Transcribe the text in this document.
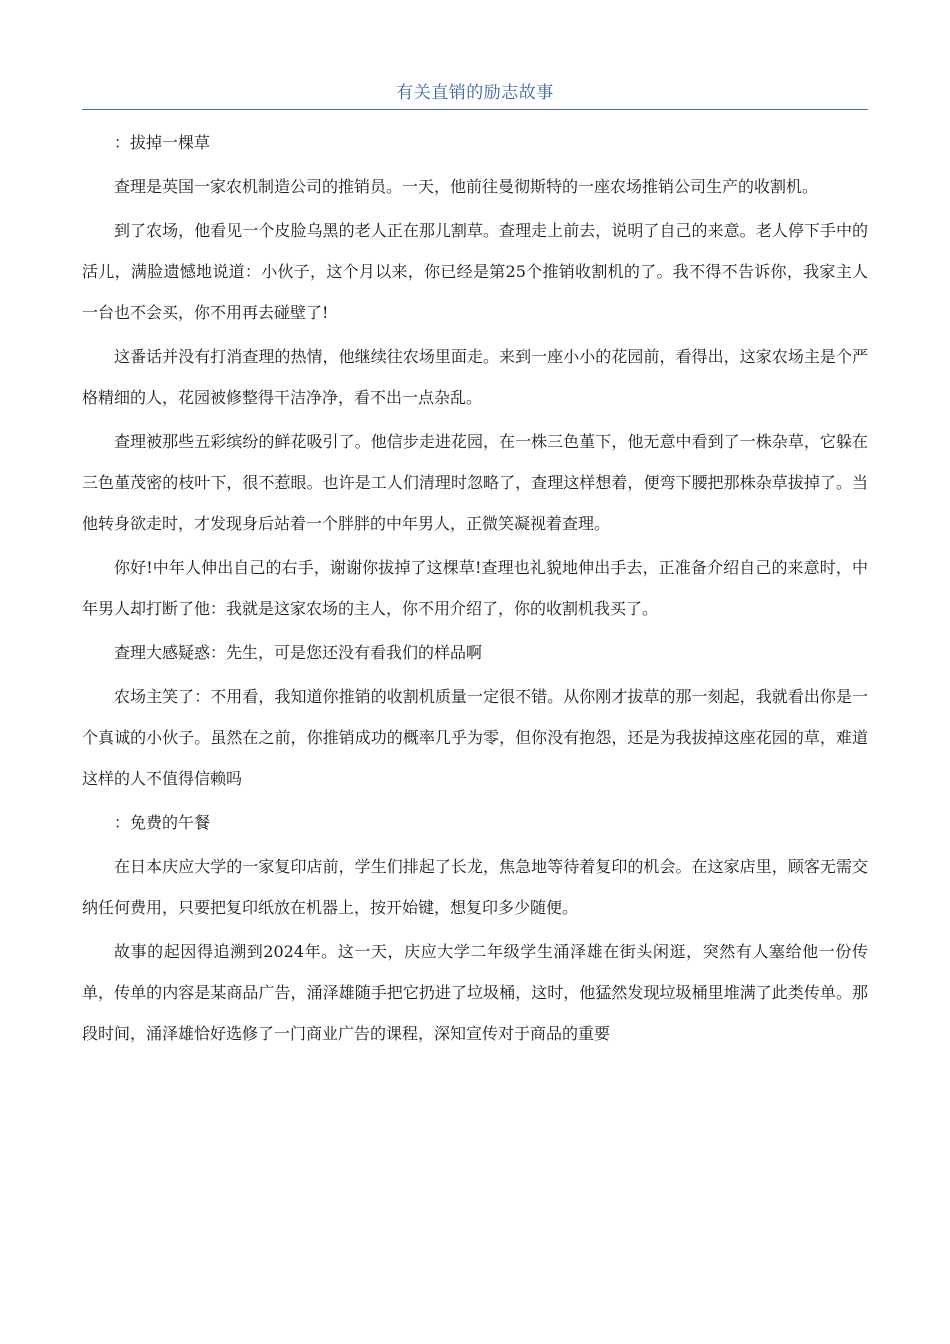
有关直销的励志故事

：拔掉一棵草

查理是英国一家农机制造公司的推销员。一天，他前往曼彻斯特的一座农场推销公司生产的收割机。

到了农场，他看见一个皮脸乌黑的老人正在那儿割草。查理走上前去，说明了自己的来意。老人停下手中的活儿，满脸遗憾地说道：小伙子，这个月以来，你已经是第25个推销收割机的了。我不得不告诉你，我家主人一台也不会买，你不用再去碰壁了!

这番话并没有打消查理的热情，他继续往农场里面走。来到一座小小的花园前，看得出，这家农场主是个严格精细的人，花园被修整得干洁净净，看不出一点杂乱。

查理被那些五彩缤纷的鲜花吸引了。他信步走进花园，在一株三色堇下，他无意中看到了一株杂草，它躲在三色堇茂密的枝叶下，很不惹眼。也许是工人们清理时忽略了，查理这样想着，便弯下腰把那株杂草拔掉了。当他转身欲走时，才发现身后站着一个胖胖的中年男人，正微笑凝视着查理。

你好!中年人伸出自己的右手，谢谢你拔掉了这棵草!查理也礼貌地伸出手去，正准备介绍自己的来意时，中年男人却打断了他：我就是这家农场的主人，你不用介绍了，你的收割机我买了。

查理大感疑惑：先生，可是您还没有看我们的样品啊

农场主笑了：不用看，我知道你推销的收割机质量一定很不错。从你刚才拔草的那一刻起，我就看出你是一个真诚的小伙子。虽然在之前，你推销成功的概率几乎为零，但你没有抱怨，还是为我拔掉这座花园的草，难道这样的人不值得信赖吗

：免费的午餐

在日本庆应大学的一家复印店前，学生们排起了长龙，焦急地等待着复印的机会。在这家店里，顾客无需交纳任何费用，只要把复印纸放在机器上，按开始键，想复印多少随便。

故事的起因得追溯到2024年。这一天，庆应大学二年级学生涌泽雄在街头闲逛，突然有人塞给他一份传单，传单的内容是某商品广告，涌泽雄随手把它扔进了垃圾桶，这时，他猛然发现垃圾桶里堆满了此类传单。那段时间，涌泽雄恰好选修了一门商业广告的课程，深知宣传对于商品的重要
